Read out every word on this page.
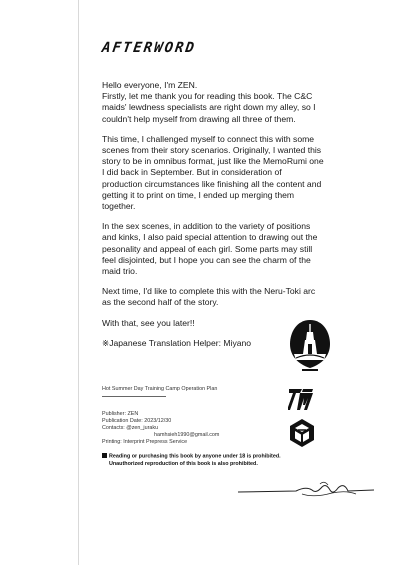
AFTERWORD

Hello everyone, I'm ZEN.
Firstly, let me thank you for reading this book. The C&C maids' lewdness specialists are right down my alley, so I couldn't help myself from drawing all three of them.

This time, I challenged myself to connect this with some scenes from their story scenarios. Originally, I wanted this story to be in omnibus format, just like the MemoRumi one I did back in September. But in consideration of production circumstances like finishing all the content and getting it to print on time, I ended up merging them together.

In the sex scenes, in addition to the variety of positions and kinks, I also paid special attention to drawing out the pesonality and appeal of each girl. Some parts may still feel disjointed, but I hope you can see the charm of the maid trio.

Next time, I'd like to complete this with the Neru-Toki arc as the second half of the story.

With that, see you later!!

※Japanese Translation Helper: Miyano

Hot Summer Day Training Camp Operation Plan
Publisher: ZEN
Publication Date: 2023/12/30
Contacts: @zen_juraku
hamhsieh1990@gmail.com
Printing: Interprint Prepress Service
Reading or purchasing this book by anyone under 18 is prohibited.
Unauthorized reproduction of this book is also prohibited.
